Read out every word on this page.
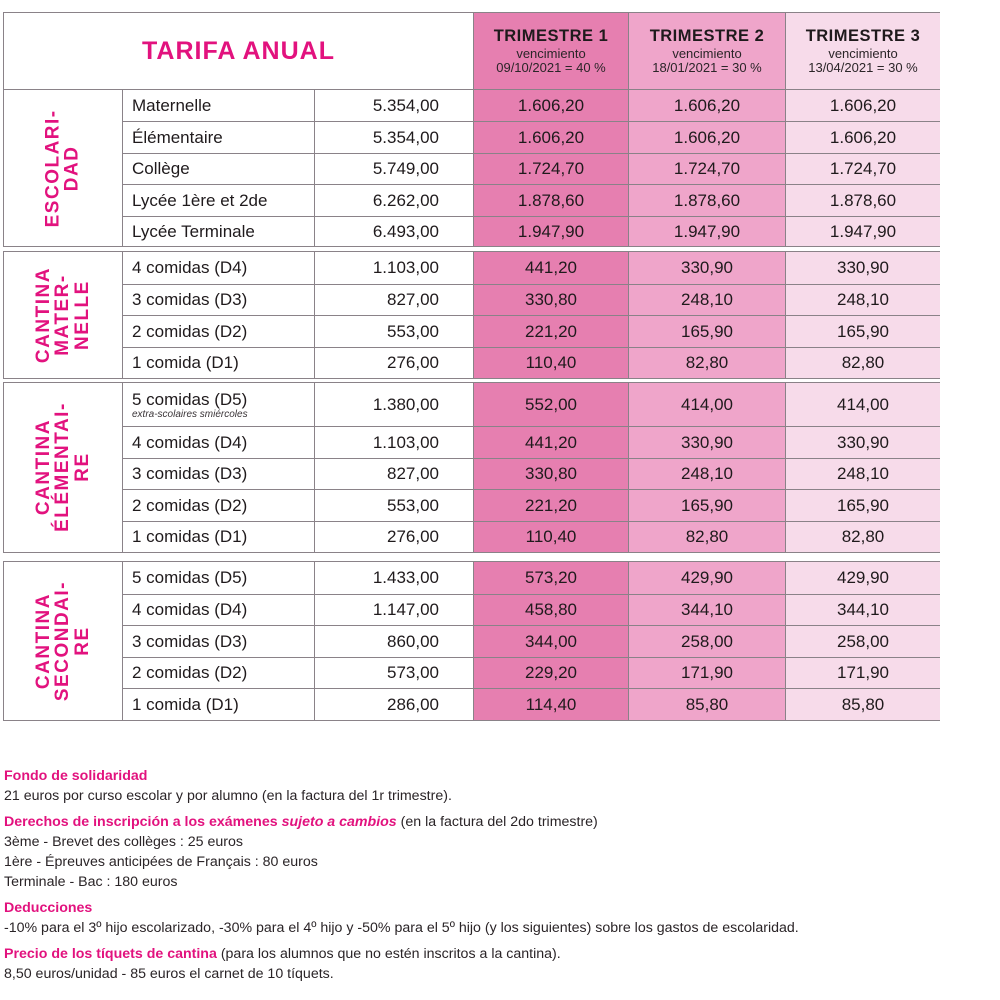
TARIFA ANUAL
TRIMESTRE 1
vencimiento
09/10/2021 = 40 %
TRIMESTRE 2
vencimiento
18/01/2021 = 30 %
TRIMESTRE 3
vencimiento
13/04/2021 = 30 %
ESCOLARI-
DAD
Maternelle	5.354,00	1.606,20	1.606,20	1.606,20
Élémentaire	5.354,00	1.606,20	1.606,20	1.606,20
Collège	5.749,00	1.724,70	1.724,70	1.724,70
Lycée 1ère et 2de	6.262,00	1.878,60	1.878,60	1.878,60
Lycée Terminale	6.493,00	1.947,90	1.947,90	1.947,90
CANTINA
MATER-
NELLE
4 comidas (D4)	1.103,00	441,20	330,90	330,90
3 comidas (D3)	827,00	330,80	248,10	248,10
2 comidas (D2)	553,00	221,20	165,90	165,90
1 comida (D1)	276,00	110,40	82,80	82,80
CANTINA
ÉLÉMENTAI-
RE
5 comidas (D5)
extra-scolaires smiércoles
1.380,00	552,00	414,00	414,00
4 comidas (D4)	1.103,00	441,20	330,90	330,90
3 comidas (D3)	827,00	330,80	248,10	248,10
2 comidas (D2)	553,00	221,20	165,90	165,90
1 comidas (D1)	276,00	110,40	82,80	82,80
CANTINA
SECONDAI-
RE
5 comidas (D5)	1.433,00	573,20	429,90	429,90
4 comidas (D4)	1.147,00	458,80	344,10	344,10
3 comidas (D3)	860,00	344,00	258,00	258,00
2 comidas (D2)	573,00	229,20	171,90	171,90
1 comida (D1)	286,00	114,40	85,80	85,80
Fondo de solidaridad
21 euros por curso escolar y por alumno (en la factura del 1r trimestre).
Derechos de inscripción a los exámenes sujeto a cambios (en la factura del 2do trimestre)
3ème - Brevet des collèges : 25 euros
1ère - Épreuves anticipées de Français : 80 euros
Terminale - Bac : 180 euros
Deducciones
-10% para el 3º hijo escolarizado, -30% para el 4º hijo y -50% para el 5º hijo (y los siguientes) sobre los gastos de escolaridad.
Precio de los tíquets de cantina (para los alumnos que no estén inscritos a la cantina).
8,50 euros/unidad - 85 euros el carnet de 10 tíquets.
